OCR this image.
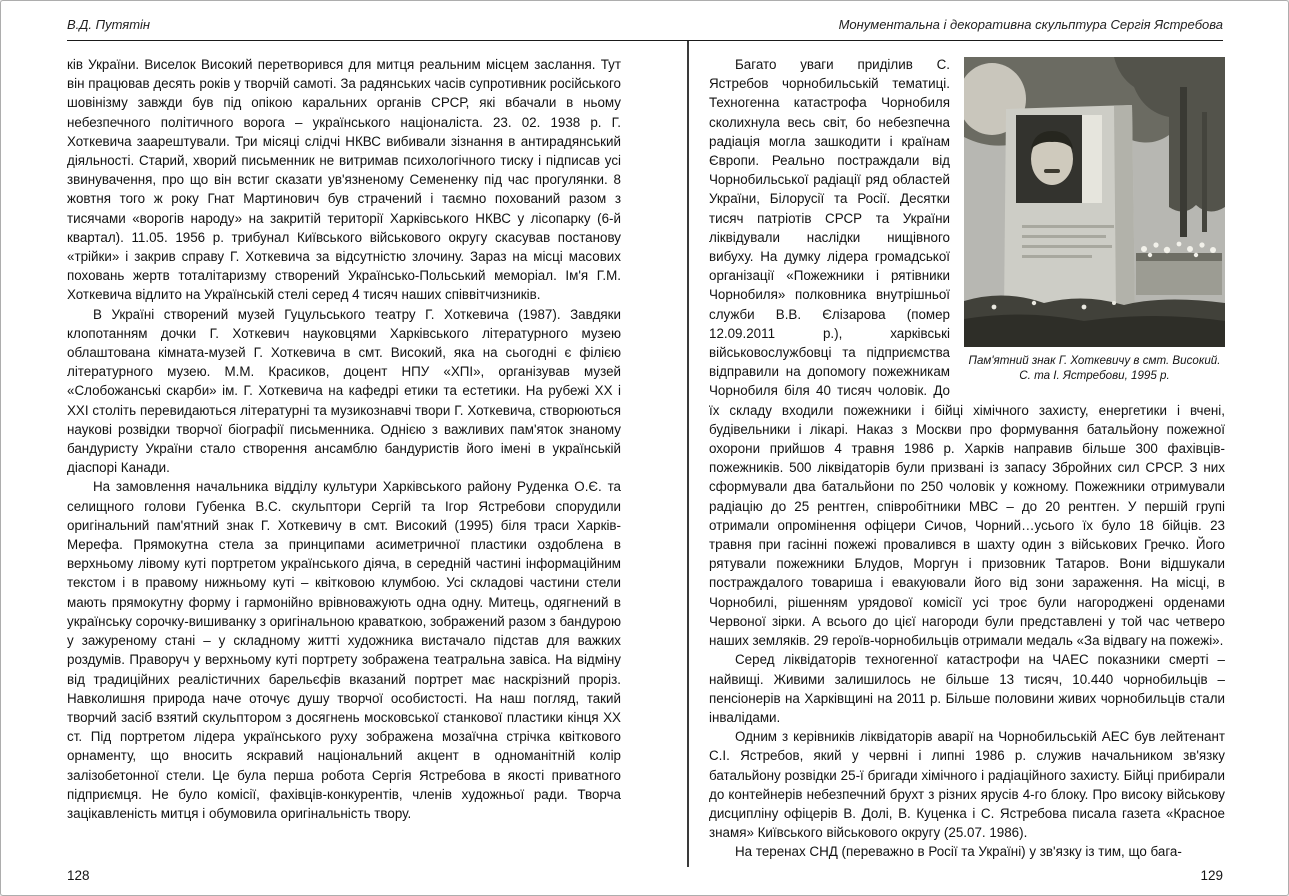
В.Д. Путятін	Монументальна і декоративна скульптура Сергія Ястребова

ків України. Виселок Високий перетворився для митця реальним місцем заслання. Тут він працював десять років у творчій самоті. За радянських часів супротивник російського шовінізму завжди був під опікою каральних органів СРСР, які вбачали в ньому небезпечного політичного ворога – українського націоналіста. 23. 02. 1938 р. Г. Хоткевича заарештували. Три місяці слідчі НКВС вибивали зізнання в антирадянський діяльності. Старий, хворий письменник не витримав психологічного тиску і підписав усі звинувачення, про що він встиг сказати ув'язненому Семененку під час прогулянки. 8 жовтня того ж року Гнат Мартинович був страчений і таємно похований разом з тисячами «ворогів народу» на закритій території Харківського НКВС у лісопарку (6-й квартал). 11.05. 1956 р. трибунал Київського військового округу скасував постанову «трійки» і закрив справу Г. Хоткевича за відсутністю злочину. Зараз на місці масових поховань жертв тоталітаризму створений Українсько-Польський меморіал. Ім'я Г.М. Хоткевича відлито на Українській стелі серед 4 тисяч наших співвітчизників.

В Україні створений музей Гуцульського театру Г. Хоткевича (1987). Завдяки клопотанням дочки Г. Хоткевич науковцями Харківського літературного музею облаштована кімната-музей Г. Хоткевича в смт. Високий, яка на сьогодні є філією літературного музею. М.М. Красиков, доцент НПУ «ХПІ», організував музей «Слобожанські скарби» ім. Г. Хоткевича на кафедрі етики та естетики. На рубежі XX і XXI століть перевидаються літературні та музикознавчі твори Г. Хоткевича, створюються наукові розвідки творчої біографії письменника. Однією з важливих пам'яток знаному бандуристу України стало створення ансамблю бандуристів його імені в українській діаспорі Канади.

На замовлення начальника відділу культури Харківського району Руденка О.Є. та селищного голови Губенка В.С. скульптори Сергій та Ігор Ястребови спорудили оригінальний пам'ятний знак Г. Хоткевичу в смт. Високий (1995) біля траси Харків-Мерефа. Прямокутна стела за принципами асиметричної пластики оздоблена в верхньому лівому куті портретом українського діяча, в середній частині інформаційним текстом і в правому нижньому куті – квітковою клумбою. Усі складові частини стели мають прямокутну форму і гармонійно врівноважують одна одну. Митець, одягнений в українську сорочку-вишиванку з оригінальною краваткою, зображений разом з бандурою у зажуреному стані – у складному житті художника вистачало підстав для важких роздумів. Праворуч у верхньому куті портрету зображена театральна завіса. На відміну від традиційних реалістичних барельєфів вказаний портрет має наскрізний проріз. Навколишня природа наче оточує душу творчої особистості. На наш погляд, такий творчий засіб взятий скульптором з досягнень московської станкової пластики кінця XX ст. Під портретом лідера українського руху зображена мозаїчна стрічка квіткового орнаменту, що вносить яскравий національний акцент в одноманітній колір залізобетонної стели. Це була перша робота Сергія Ястребова в якості приватного підприємця. Не було комісії, фахівців-конкурентів, членів художньої ради. Творча зацікавленість митця і обумовила оригінальність твору.

Пам'ятний знак Г. Хоткевичу в смт. Високий.
С. та І. Ястребови, 1995 р.

Багато уваги приділив С. Ястребов чорнобильській тематиці. Техногенна катастрофа Чорнобиля сколихнула весь світ, бо небезпечна радіація могла зашкодити і країнам Європи. Реально постраждали від Чорнобильської радіації ряд областей України, Білорусії та Росії. Десятки тисяч патріотів СРСР та України ліквідували наслідки нищівного вибуху. На думку лідера громадської організації «Пожежники і рятівники Чорнобиля» полковника внутрішньої служби В.В. Єлізарова (помер 12.09.2011 р.), харківські військовослужбовці та підприємства відправили на допомогу пожежникам Чорнобиля біля 40 тисяч чоловік. До їх складу входили пожежники і бійці хімічного захисту, енергетики і вчені, будівельники і лікарі. Наказ з Москви про формування батальйону пожежної охорони прийшов 4 травня 1986 р. Харків направив більше 300 фахівців-пожежників. 500 ліквідаторів були призвані із запасу Збройних сил СРСР. З них сформували два батальйони по 250 чоловік у кожному. Пожежники отримували радіацію до 25 рентген, співробітники МВС – до 20 рентген. У першій групі отримали опромінення офіцери Сичов, Чорний…усього їх було 18 бійців. 23 травня при гасінні пожежі провалився в шахту один з військових Гречко. Його рятували пожежники Блудов, Моргун і призовник Татаров. Вони відшукали постраждалого товариша і евакуювали його від зони зараження. На місці, в Чорнобилі, рішенням урядової комісії усі троє були нагороджені орденами Червоної зірки. А всього до цієї нагороди були представлені у той час четверо наших земляків. 29 героїв-чорнобильців отримали медаль «За відвагу на пожежі».

Серед ліквідаторів техногенної катастрофи на ЧАЕС показники смерті – найвищі. Живими залишилось не більше 13 тисяч, 10.440 чорнобильців – пенсіонерів на Харківщині на 2011 р. Більше половини живих чорнобильців стали інвалідами.

Одним з керівників ліквідаторів аварії на Чорнобильській АЕС був лейтенант С.І. Ястребов, який у червні і липні 1986 р. служив начальником зв'язку батальйону розвідки 25-ї бригади хімічного і радіаційного захисту. Бійці прибирали до контейнерів небезпечний брухт з різних ярусів 4-го блоку. Про високу військову дисципліну офіцерів В. Долі, В. Куценка і С. Ястребова писала газета «Красное знамя» Київського військового округу (25.07. 1986).

На теренах СНД (переважно в Росії та Україні) у зв'язку із тим, що бага-

128	129
